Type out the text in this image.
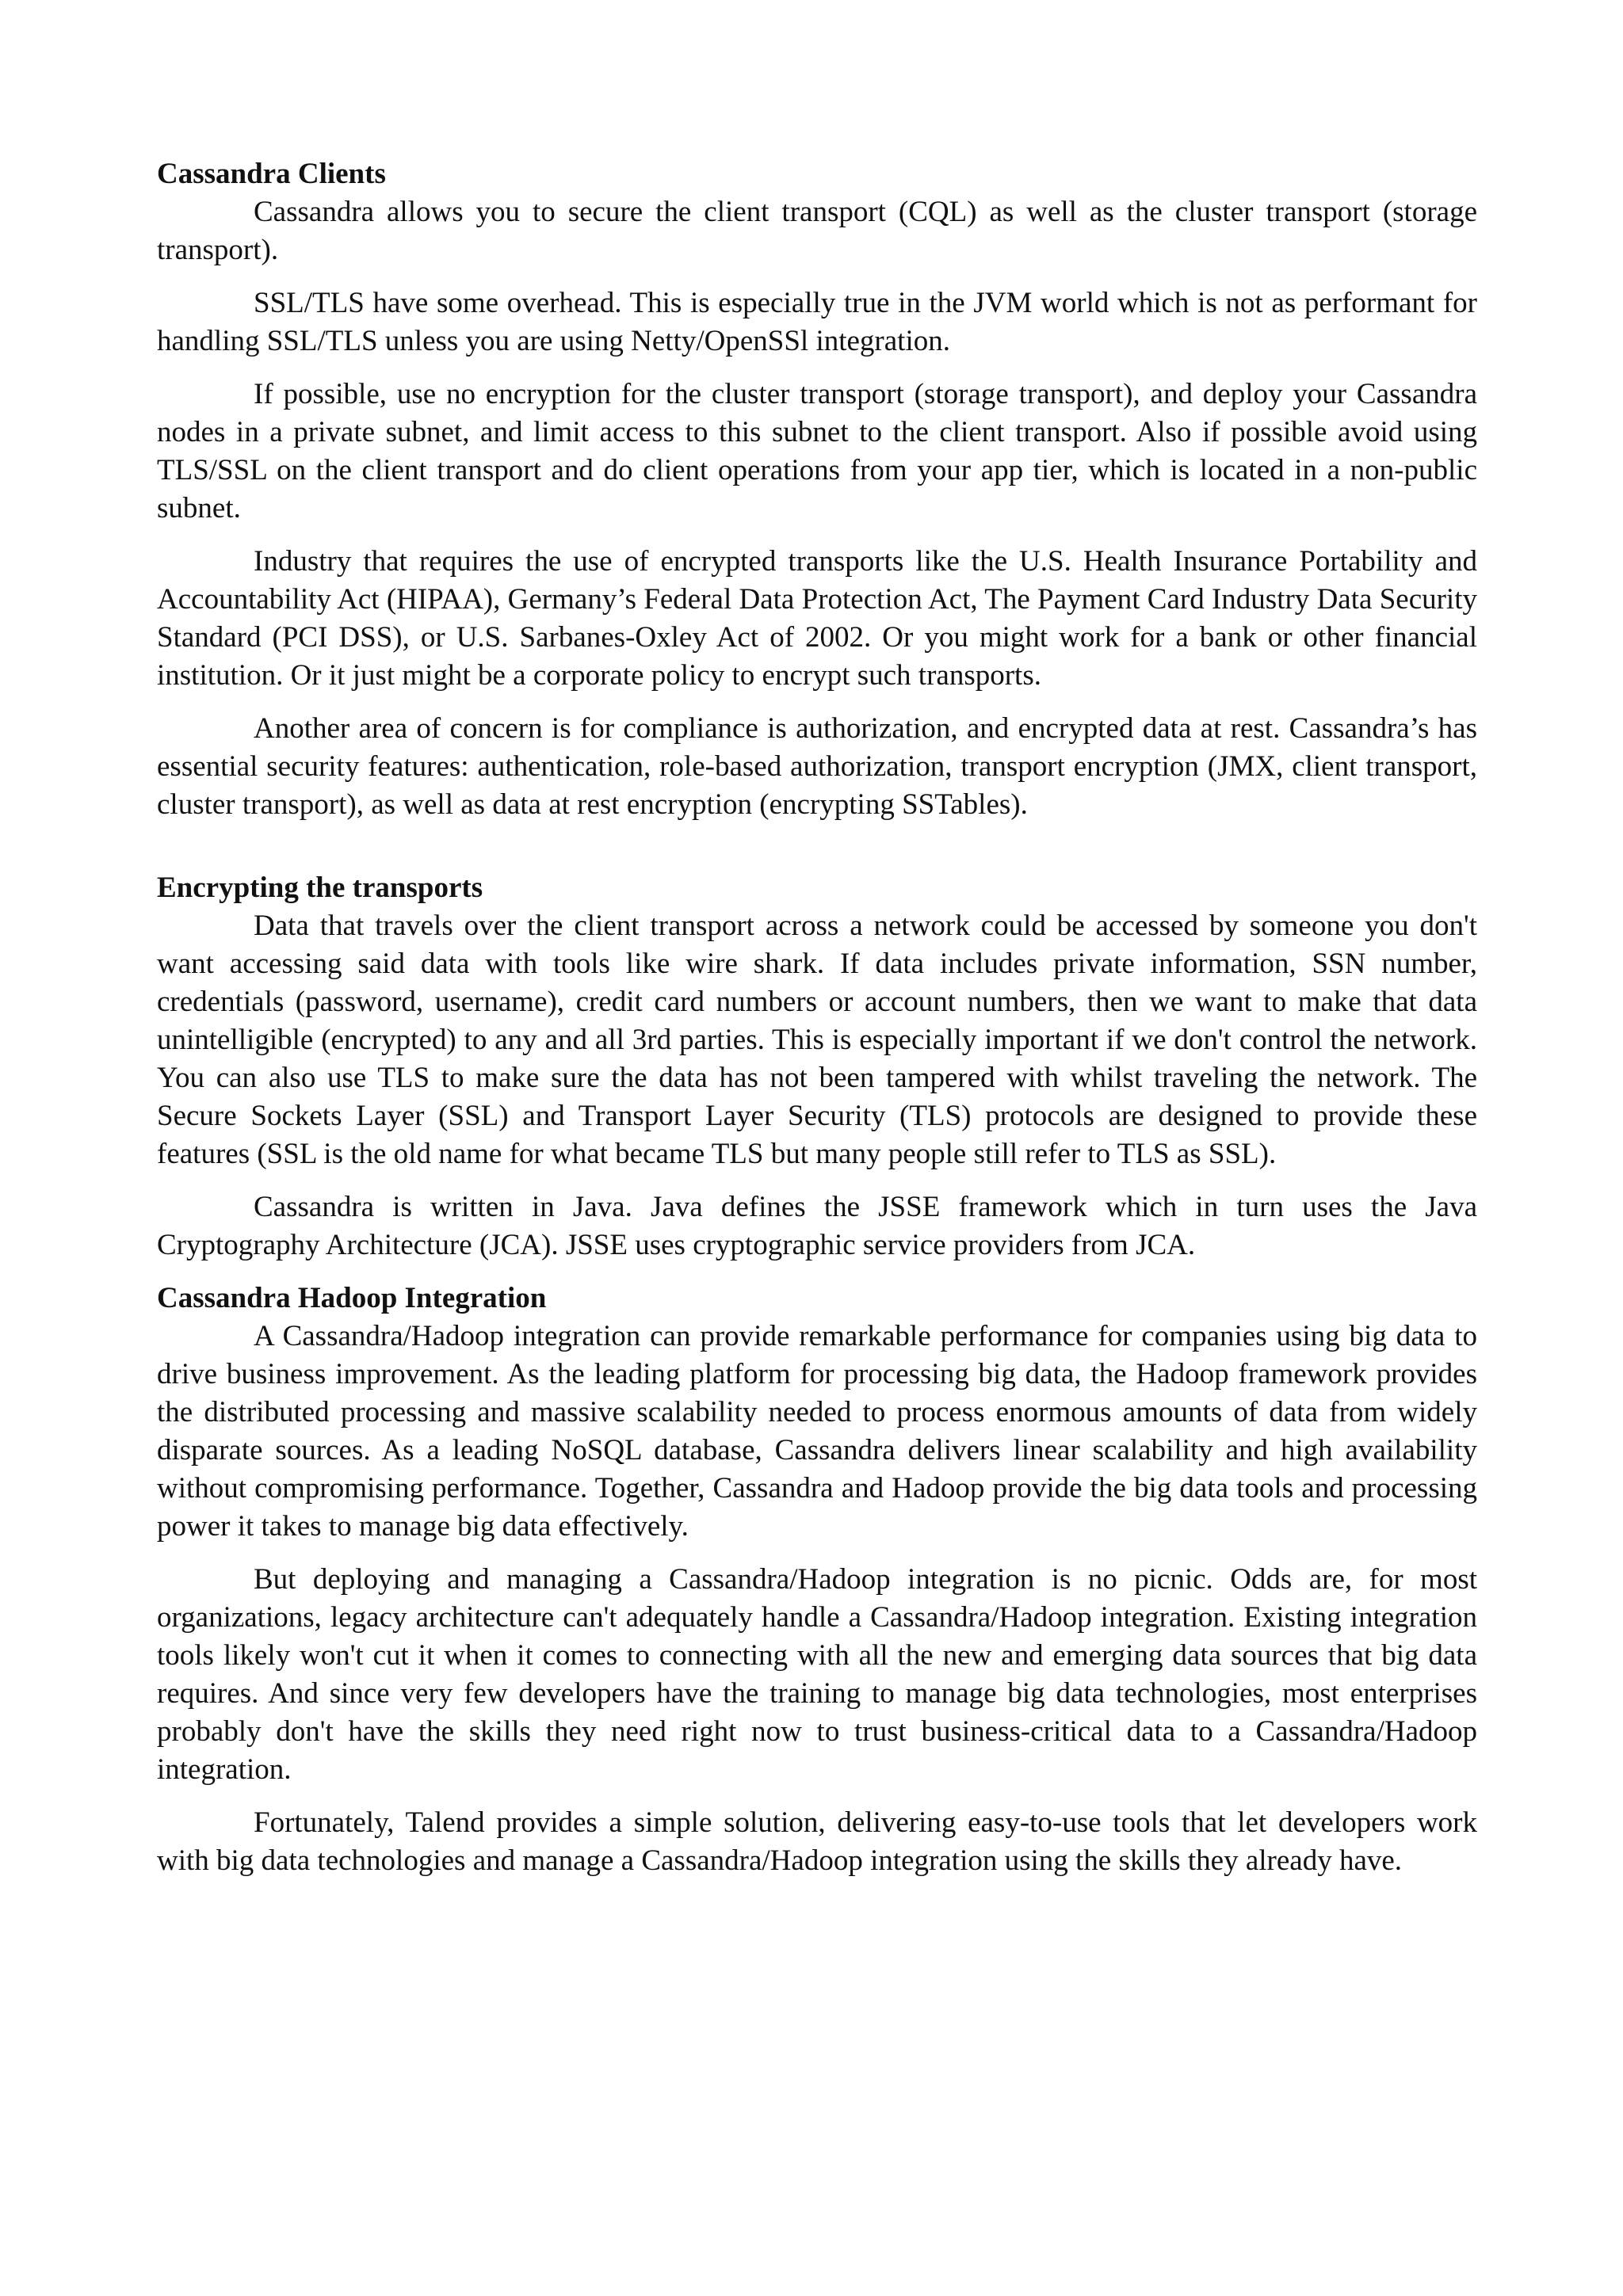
Cassandra Clients

Cassandra allows you to secure the client transport (CQL) as well as the cluster transport (storage transport).

SSL/TLS have some overhead. This is especially true in the JVM world which is not as performant for handling SSL/TLS unless you are using Netty/OpenSSl integration.

If possible, use no encryption for the cluster transport (storage transport), and deploy your Cassandra nodes in a private subnet, and limit access to this subnet to the client transport. Also if possible avoid using TLS/SSL on the client transport and do client operations from your app tier, which is located in a non-public subnet.

Industry that requires the use of encrypted transports like the U.S. Health Insurance Portability and Accountability Act (HIPAA), Germany’s Federal Data Protection Act, The Payment Card Industry Data Security Standard (PCI DSS), or U.S. Sarbanes-Oxley Act of 2002. Or you might work for a bank or other financial institution. Or it just might be a corporate policy to encrypt such transports.

Another area of concern is for compliance is authorization, and encrypted data at rest. Cassandra’s has essential security features: authentication, role-based authorization, transport encryption (JMX, client transport, cluster transport), as well as data at rest encryption (encrypting SSTables).

Encrypting the transports

Data that travels over the client transport across a network could be accessed by someone you don't want accessing said data with tools like wire shark. If data includes private information, SSN number, credentials (password, username), credit card numbers or account numbers, then we want to make that data unintelligible (encrypted) to any and all 3rd parties. This is especially important if we don't control the network. You can also use TLS to make sure the data has not been tampered with whilst traveling the network. The Secure Sockets Layer (SSL) and Transport Layer Security (TLS) protocols are designed to provide these features (SSL is the old name for what became TLS but many people still refer to TLS as SSL).

Cassandra is written in Java. Java defines the JSSE framework which in turn uses the Java Cryptography Architecture (JCA). JSSE uses cryptographic service providers from JCA.

Cassandra Hadoop Integration

A Cassandra/Hadoop integration can provide remarkable performance for companies using big data to drive business improvement. As the leading platform for processing big data, the Hadoop framework provides the distributed processing and massive scalability needed to process enormous amounts of data from widely disparate sources. As a leading NoSQL database, Cassandra delivers linear scalability and high availability without compromising performance. Together, Cassandra and Hadoop provide the big data tools and processing power it takes to manage big data effectively.

But deploying and managing a Cassandra/Hadoop integration is no picnic. Odds are, for most organizations, legacy architecture can't adequately handle a Cassandra/Hadoop integration. Existing integration tools likely won't cut it when it comes to connecting with all the new and emerging data sources that big data requires. And since very few developers have the training to manage big data technologies, most enterprises probably don't have the skills they need right now to trust business-critical data to a Cassandra/Hadoop integration.

Fortunately, Talend provides a simple solution, delivering easy-to-use tools that let developers work with big data technologies and manage a Cassandra/Hadoop integration using the skills they already have.
